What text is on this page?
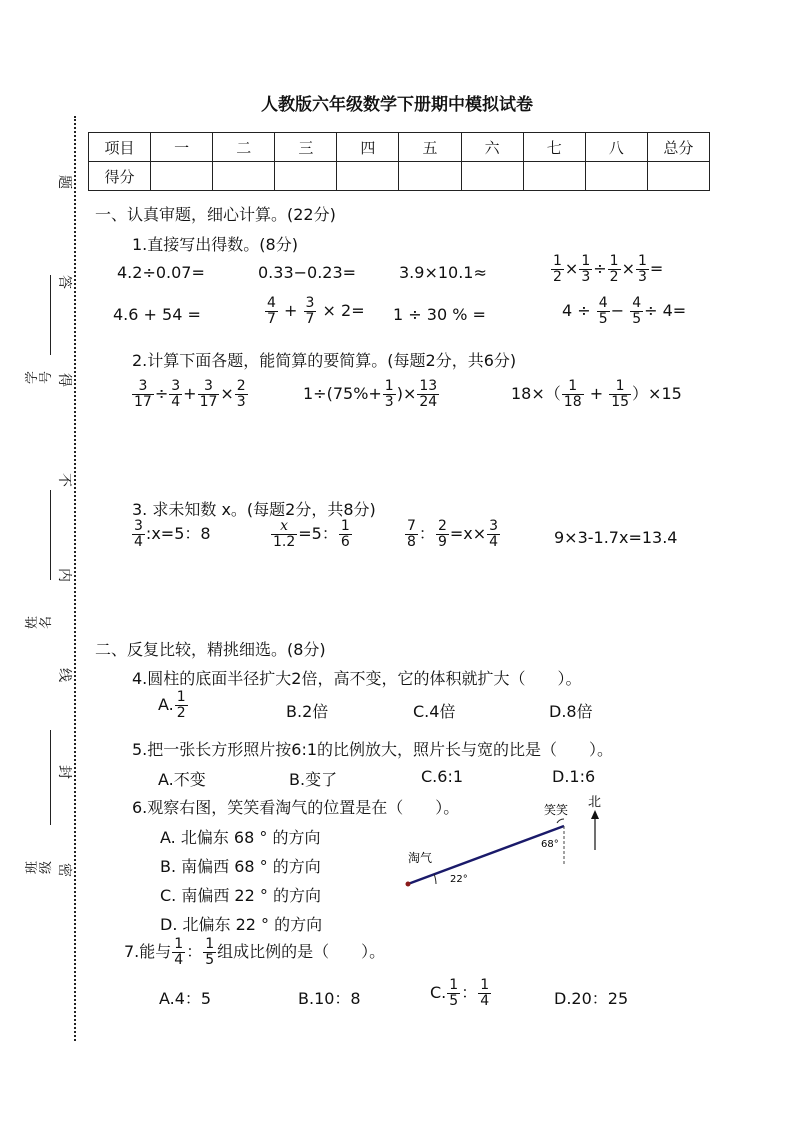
人教版六年级数学下册期中模拟试卷
学号
姓名
班级
题
答
得
不
内
线
封
密
项目	一	二	三	四	五	六	七	八	总分
得分									
一、认真审题，细心计算。(22分)
1.直接写出得数。(8分)
4.2÷0.07=	0.33−0.23=	3.9×10.1≈	$\frac{1}{2} \times \frac{1}{3} \div \frac{1}{2} \times \frac{1}{3}$ =
4.6 + 54 =	$\frac{4}{7} + \frac{3}{7} \times 2= 1 \div 30$ % =	$4 \div \frac{4}{5} - \frac{4}{5} \div 4=$
2.计算下面各题，能简算的要简算。(每题2分，共6分)
$\frac{3}{17} \div \frac{3}{4} + \frac{3}{17} \times \frac{2}{3}$	$1\div(75\%+ \frac{1}{3}$ )× $\frac{13}{24}$	$18\times( \frac{1}{18} + \frac{1}{15} )\times 15$
3. 求未知数 x。(每题2分，共8分)
$\frac{3}{4}$ :x=5：8	$\frac{x}{1.2} =5$： $\frac{1}{6}$	$\frac{7}{8}$ ： $\frac{2}{9} =x\times \frac{3}{4}$	9×3-1.7x=13.4
二、反复比较，精挑细选。(8分)
4.圆柱的底面半径扩大2倍，高不变，它的体积就扩大（　　）。
A. $\frac{1}{2}$	B.2倍	C.4倍	D.8倍
5.把一张长方形照片按6:1的比例放大，照片长与宽的比是（　　）。
A.不变	B.变了	C.6:1	D.1:6
6.观察右图，笑笑看淘气的位置是在（　　）。
A. 北偏东 68 ° 的方向
B. 南偏西 68 ° 的方向
C. 南偏西 22 ° 的方向
D. 北偏东 22 ° 的方向
笑笑 北
淘气
68°
22°
7.能与 $\frac{1}{4}$ ： $\frac{1}{5}$ 组成比例的是（　　）。
A.4：5	B.10：8	C. $\frac{1}{5}$ ： $\frac{1}{4}$	D.20：25
